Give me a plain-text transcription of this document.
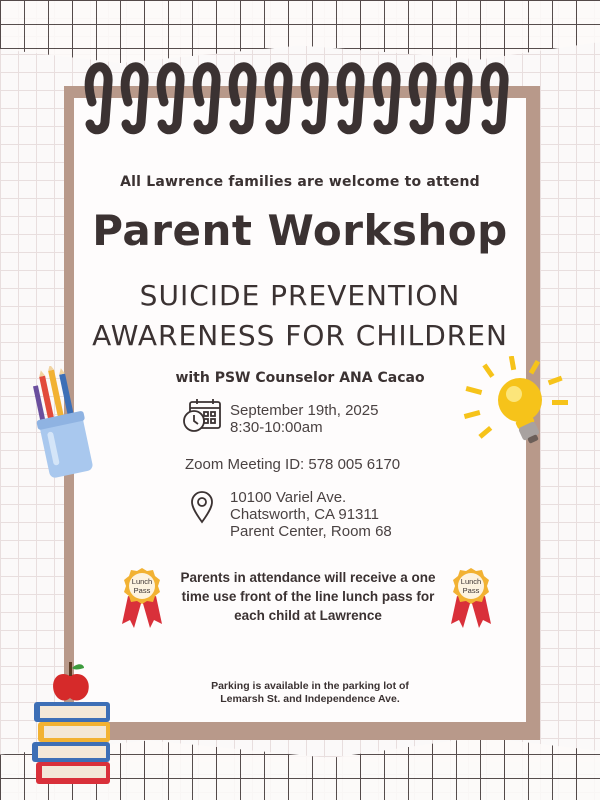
All Lawrence families are welcome to attend
Parent Workshop
SUICIDE PREVENTION
AWARENESS FOR CHILDREN
with PSW Counselor ANA Cacao
September 19th, 2025
8:30-10:00am
Zoom Meeting ID: 578 005 6170
10100 Variel Ave.
Chatsworth, CA 91311
Parent Center, Room 68
Lunch
Pass
Lunch
Pass
Parents in attendance will receive a one time use front of the line lunch pass for each child at Lawrence
Parking is available in the parking lot of
Lemarsh St. and Independence Ave.
